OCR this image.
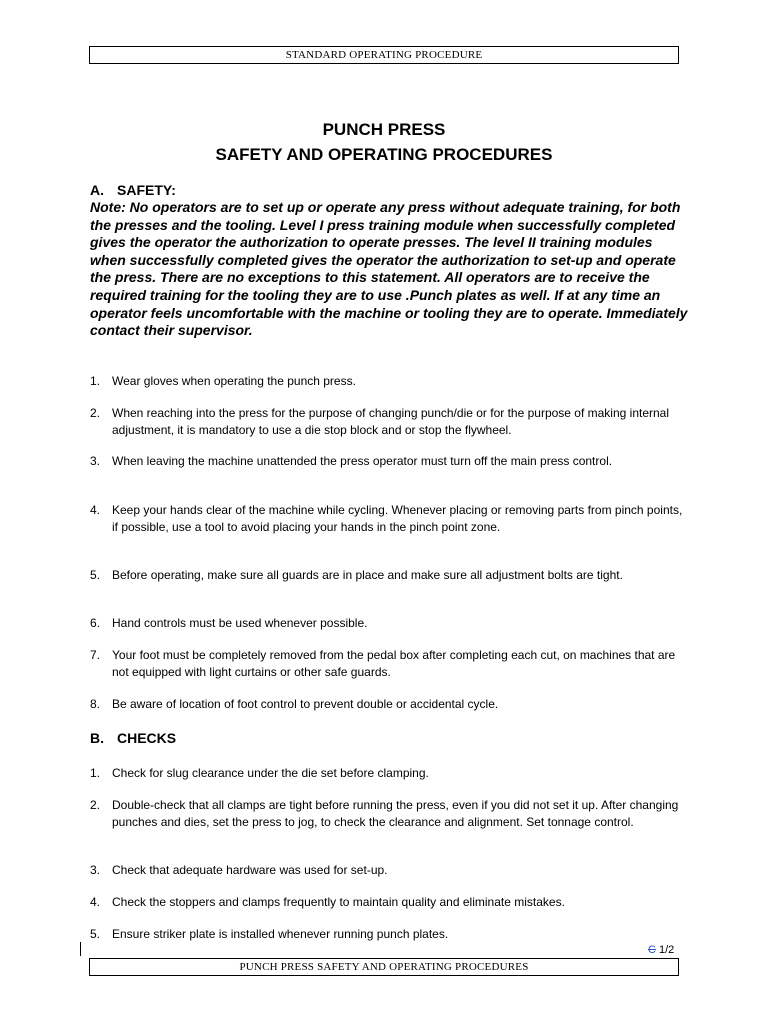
STANDARD OPERATING PROCEDURE
PUNCH PRESS
SAFETY AND OPERATING PROCEDURES
A. SAFETY:
Note: No operators are to set up or operate any press without adequate training, for both the presses and the tooling. Level I press training module when successfully completed gives the operator the authorization to operate presses. The level II training modules when successfully completed gives the operator the authorization to set-up and operate the press. There are no exceptions to this statement. All operators are to receive the required training for the tooling they are to use .Punch plates as well. If at any time an operator feels uncomfortable with the machine or tooling they are to operate. Immediately contact their supervisor.
1. Wear gloves when operating the punch press.
2. When reaching into the press for the purpose of changing punch/die or for the purpose of making internal adjustment, it is mandatory to use a die stop block and or stop the flywheel.
3. When leaving the machine unattended the press operator must turn off the main press control.
4. Keep your hands clear of the machine while cycling. Whenever placing or removing parts from pinch points, if possible, use a tool to avoid placing your hands in the pinch point zone.
5. Before operating, make sure all guards are in place and make sure all adjustment bolts are tight.
6. Hand controls must be used whenever possible.
7. Your foot must be completely removed from the pedal box after completing each cut, on machines that are not equipped with light curtains or other safe guards.
8. Be aware of location of foot control to prevent double or accidental cycle.
B. CHECKS
1. Check for slug clearance under the die set before clamping.
2. Double-check that all clamps are tight before running the press, even if you did not set it up. After changing punches and dies, set the press to jog, to check the clearance and alignment. Set tonnage control.
3. Check that adequate hardware was used for set-up.
4. Check the stoppers and clamps frequently to maintain quality and eliminate mistakes.
5. Ensure striker plate is installed whenever running punch plates.
C 1/2
PUNCH PRESS SAFETY AND OPERATING PROCEDURES
